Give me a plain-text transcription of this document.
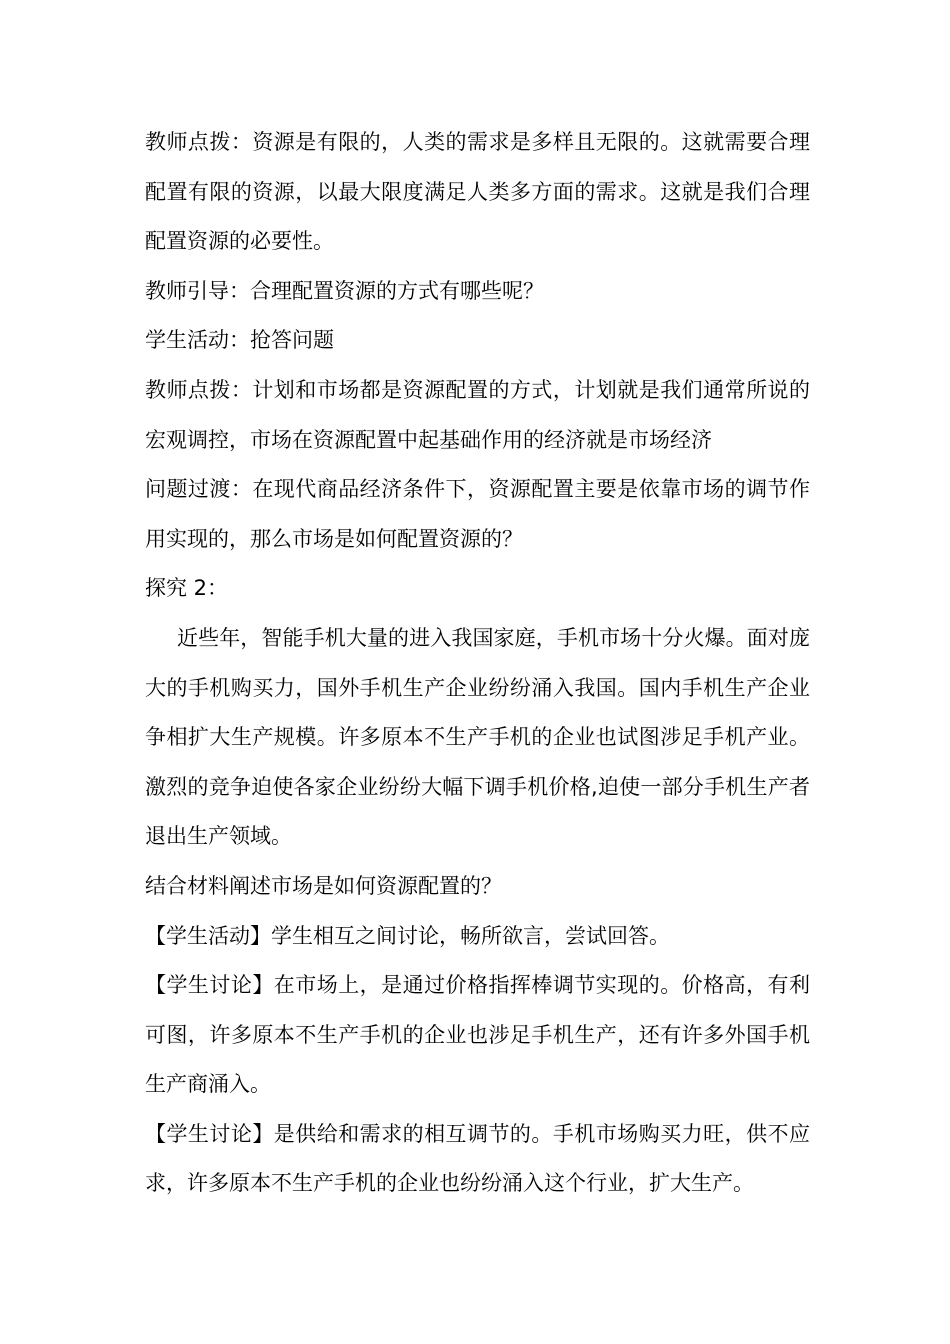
教师点拨：资源是有限的，人类的需求是多样且无限的。这就需要合理配置有限的资源，以最大限度满足人类多方面的需求。这就是我们合理配置资源的必要性。

教师引导：合理配置资源的方式有哪些呢？

学生活动：抢答问题

教师点拨：计划和市场都是资源配置的方式，计划就是我们通常所说的宏观调控，市场在资源配置中起基础作用的经济就是市场经济

问题过渡：在现代商品经济条件下，资源配置主要是依靠市场的调节作用实现的，那么市场是如何配置资源的？

探究 2：

近些年，智能手机大量的进入我国家庭，手机市场十分火爆。面对庞大的手机购买力，国外手机生产企业纷纷涌入我国。国内手机生产企业争相扩大生产规模。许多原本不生产手机的企业也试图涉足手机产业。激烈的竞争迫使各家企业纷纷大幅下调手机价格,迫使一部分手机生产者退出生产领域。

结合材料阐述市场是如何资源配置的？

【学生活动】学生相互之间讨论，畅所欲言，尝试回答。

【学生讨论】在市场上，是通过价格指挥棒调节实现的。价格高，有利可图，许多原本不生产手机的企业也涉足手机生产，还有许多外国手机生产商涌入。

【学生讨论】是供给和需求的相互调节的。手机市场购买力旺，供不应求，许多原本不生产手机的企业也纷纷涌入这个行业，扩大生产。
